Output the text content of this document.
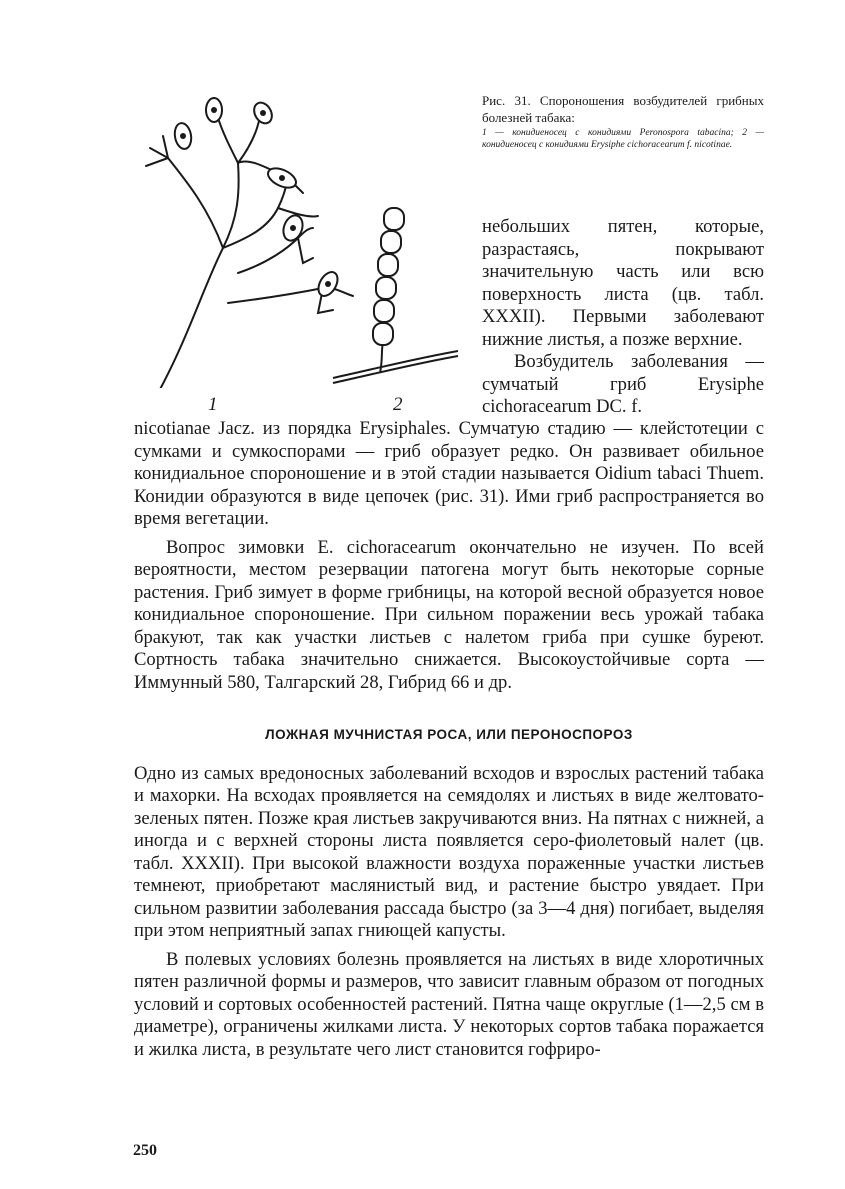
1	2
Рис. 31. Спороношения возбудителей грибных болезней табака:
1 — конидиеносец с конидиями Peronospora tabacina; 2 — конидиеносец с конидиями Erysiphe cichoracearum f. nicotinae.

небольших пятен, которые, разрастаясь, покрывают значительную часть или всю поверхность листа (цв. табл. XXXII). Первыми заболевают нижние листья, а позже верхние.

Возбудитель заболевания — сумчатый гриб Erysiphe cichoracearum DC. f.

nicotianae Jacz. из порядка Erysiphales. Сумчатую стадию — клейстотеции с сумками и сумкоспорами — гриб образует редко. Он развивает обильное конидиальное спороношение и в этой стадии называется Oidium tabaci Thuem. Конидии образуются в виде цепочек (рис. 31). Ими гриб распространяется во время вегетации.

Вопрос зимовки E. cichoracearum окончательно не изучен. По всей вероятности, местом резервации патогена могут быть некоторые сорные растения. Гриб зимует в форме грибницы, на которой весной образуется новое конидиальное спороношение. При сильном поражении весь урожай табака бракуют, так как участки листьев с налетом гриба при сушке буреют. Сортность табака значительно снижается. Высокоустойчивые сорта — Иммунный 580, Талгарский 28, Гибрид 66 и др.

ЛОЖНАЯ МУЧНИСТАЯ РОСА, ИЛИ ПЕРОНОСПОРОЗ

Одно из самых вредоносных заболеваний всходов и взрослых растений табака и махорки. На всходах проявляется на семядолях и листьях в виде желтовато-зеленых пятен. Позже края листьев закручиваются вниз. На пятнах с нижней, а иногда и с верхней стороны листа появляется серо-фиолетовый налет (цв. табл. XXXII). При высокой влажности воздуха пораженные участки листьев темнеют, приобретают маслянистый вид, и растение быстро увядает. При сильном развитии заболевания рассада быстро (за 3—4 дня) погибает, выделяя при этом неприятный запах гниющей капусты.

В полевых условиях болезнь проявляется на листьях в виде хлоротичных пятен различной формы и размеров, что зависит главным образом от погодных условий и сортовых особенностей растений. Пятна чаще округлые (1—2,5 см в диаметре), ограничены жилками листа. У некоторых сортов табака поражается и жилка листа, в результате чего лист становится гофриро-

250
